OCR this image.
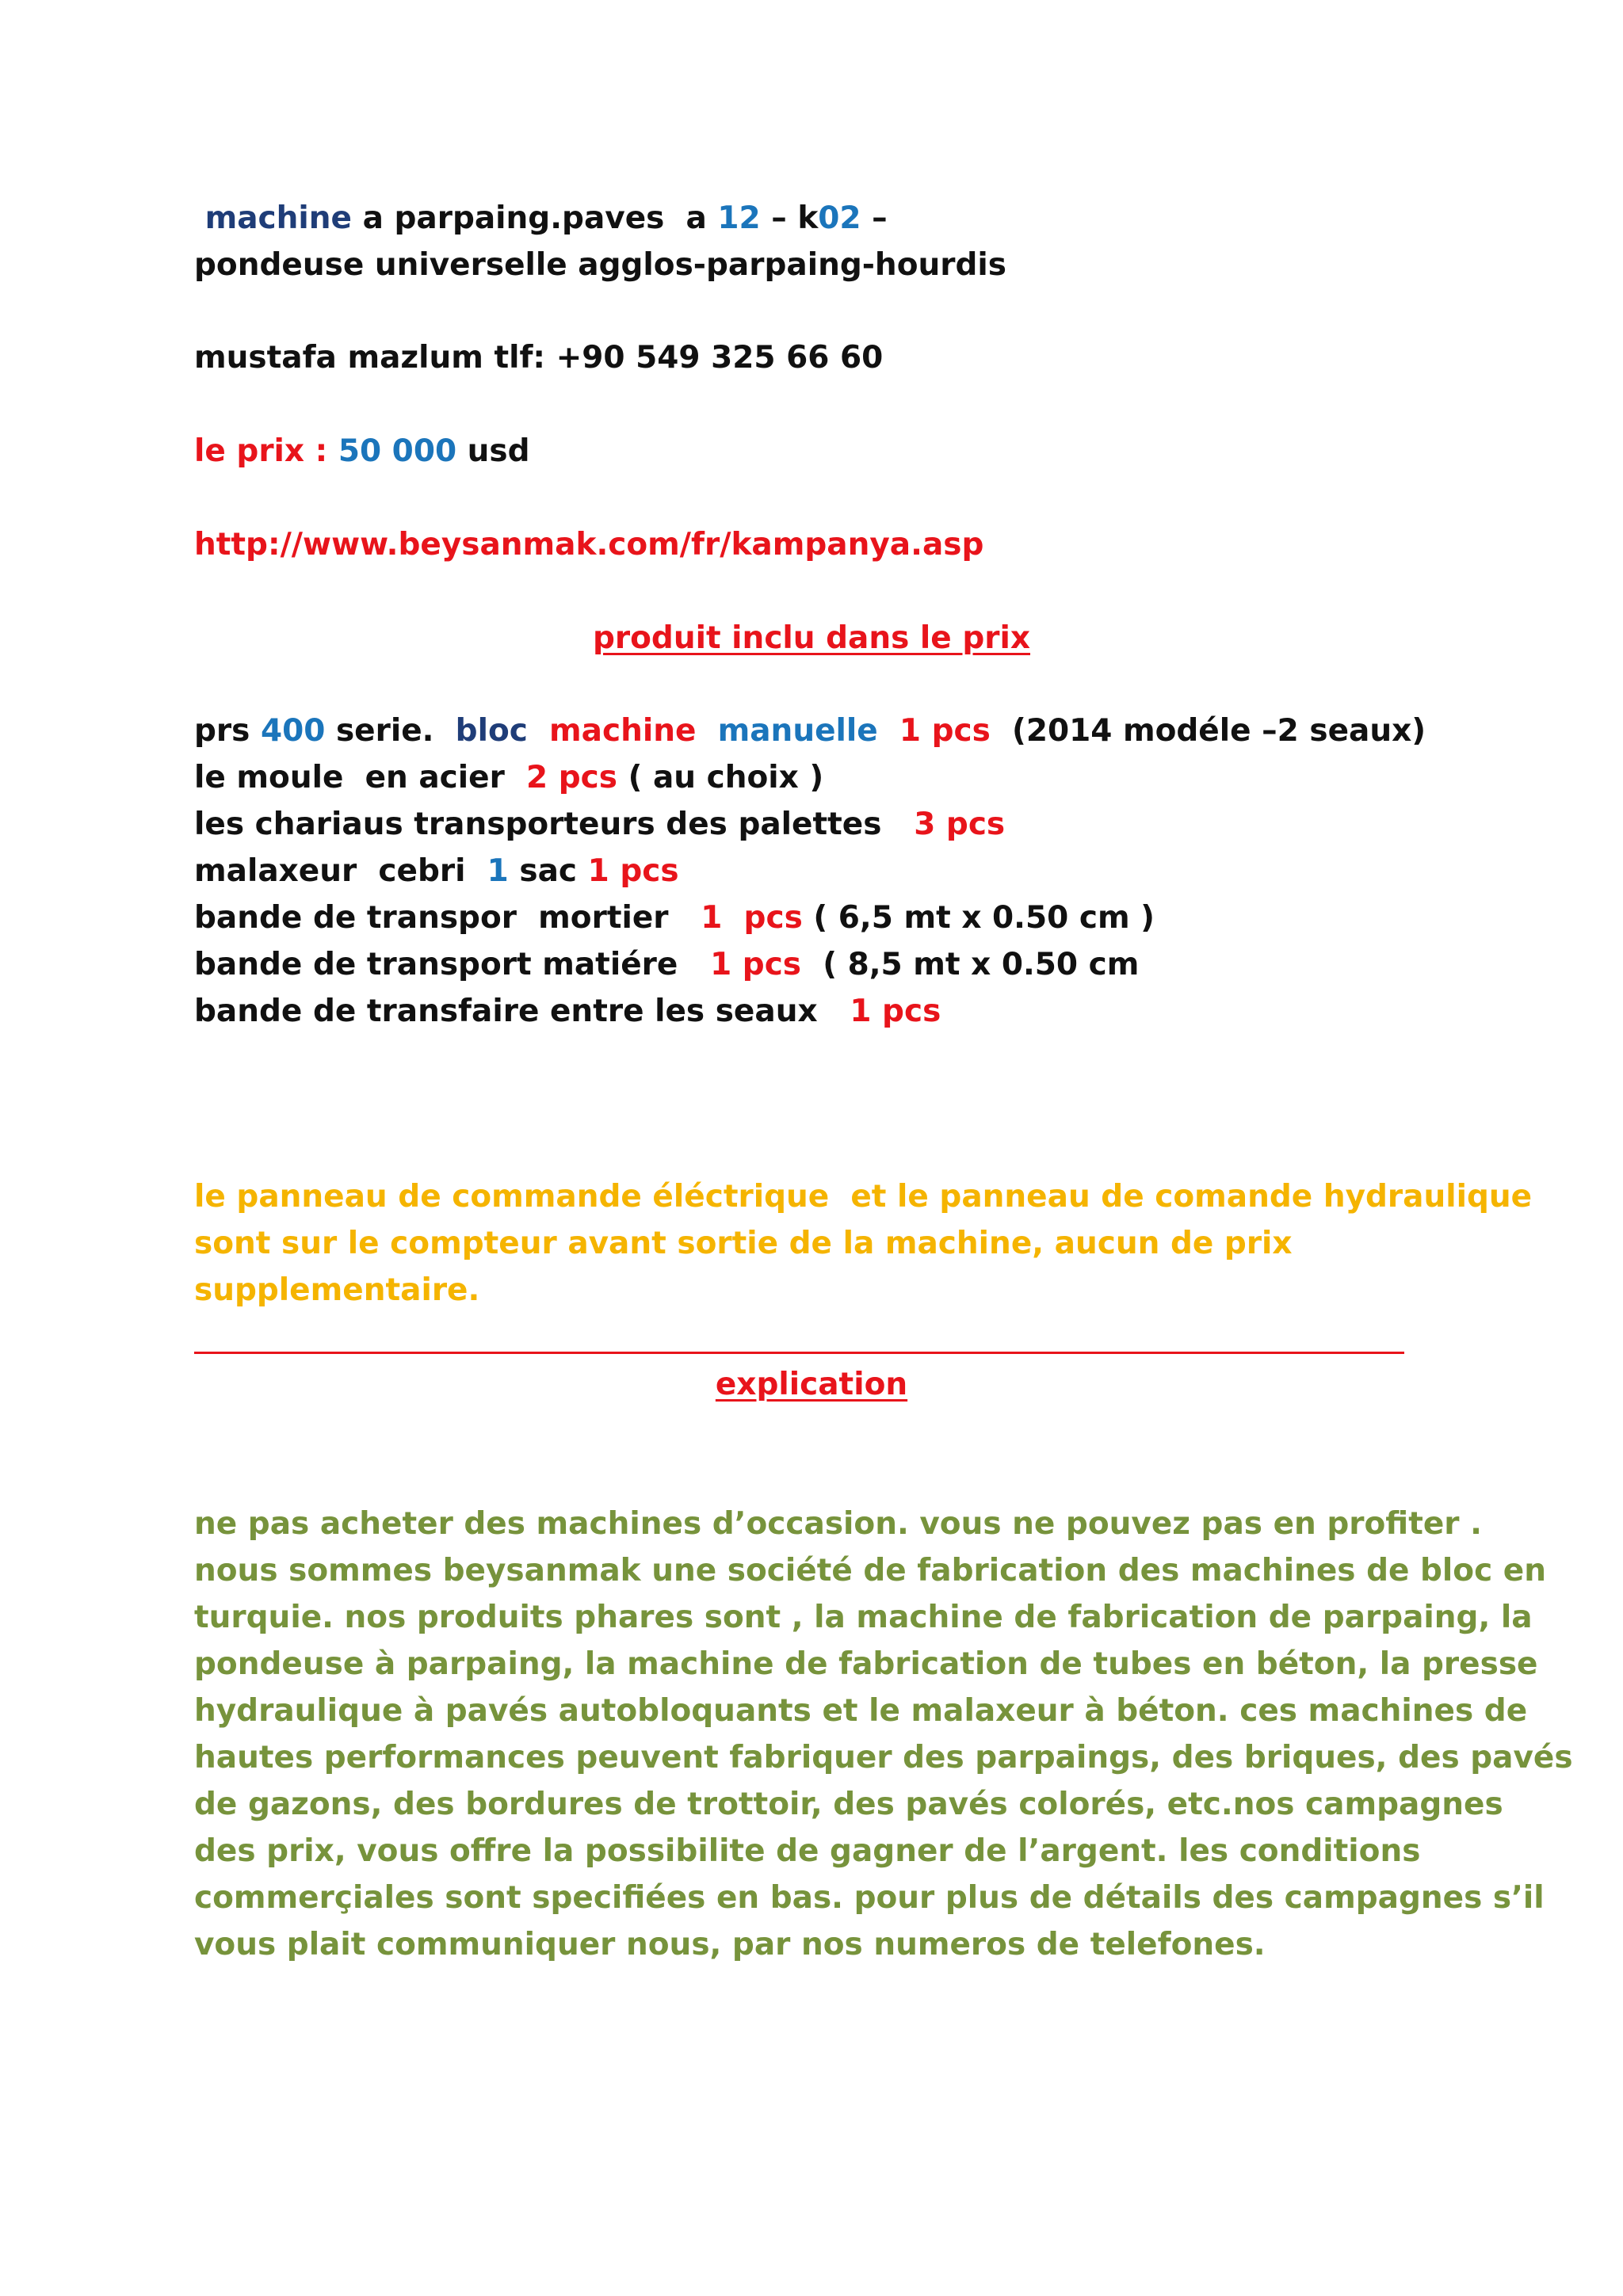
machine a parpaing.paves  a 12 – k02 –
pondeuse universelle agglos-parpaing-hourdis
mustafa mazlum tlf: +90 549 325 66 60
le prix : 50 000 usd
http://www.beysanmak.com/fr/kampanya.asp
produit inclu dans le prix
prs 400 serie. bloc machine manuelle 1 pcs (2014 modéle –2 seaux)
le moule  en acier 2 pcs ( au choix )
les chariaus transporteurs des palettes 3 pcs
malaxeur  cebri 1 sac 1 pcs
bande de transpor  mortier 1  pcs ( 6,5 mt x 0.50 cm )
bande de transport matiére 1 pcs ( 8,5 mt x 0.50 cm
bande de transfaire entre les seaux 1 pcs
le panneau de commande éléctrique  et le panneau de comande hydraulique
sont sur le compteur avant sortie de la machine, aucun de prix
supplementaire.
explication
ne pas acheter des machines d’occasion. vous ne pouvez pas en profiter .
nous sommes beysanmak une société de fabrication des machines de bloc en
turquie. nos produits phares sont , la machine de fabrication de parpaing, la
pondeuse à parpaing, la machine de fabrication de tubes en béton, la presse
hydraulique à pavés autobloquants et le malaxeur à béton. ces machines de
hautes performances peuvent fabriquer des parpaings, des briques, des pavés
de gazons, des bordures de trottoir, des pavés colorés, etc.nos campagnes
des prix, vous offre la possibilite de gagner de l’argent. les conditions
commerçiales sont specifiées en bas. pour plus de détails des campagnes s’il
vous plait communiquer nous, par nos numeros de telefones.
